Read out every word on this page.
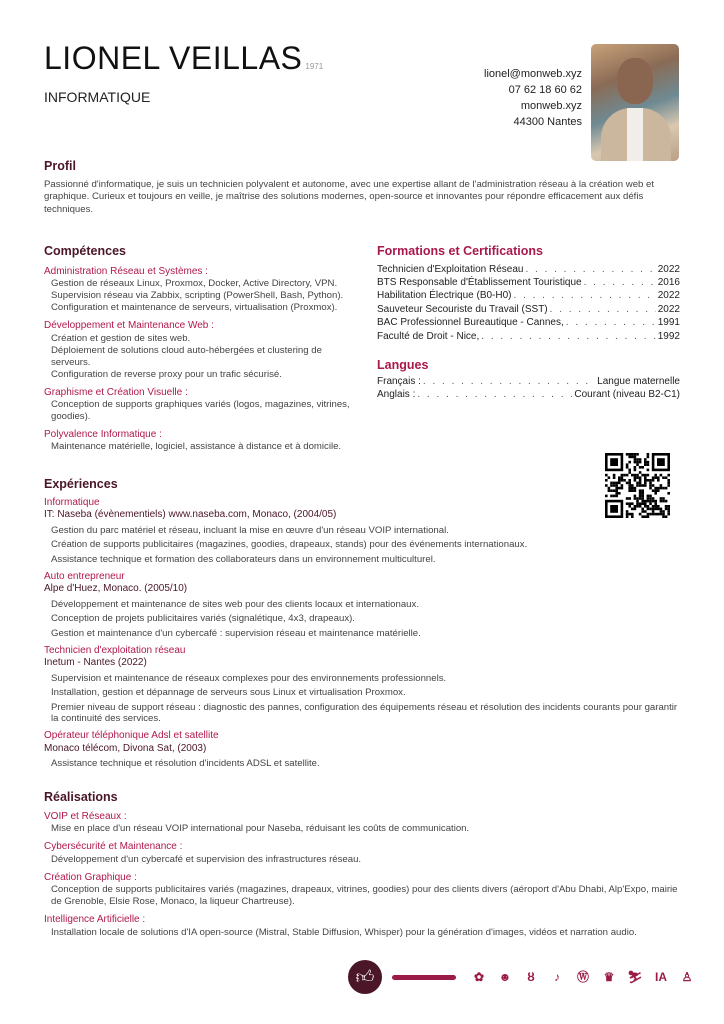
LIONEL VEILLAS 1971
INFORMATIQUE
lionel@monweb.xyz
07 62 18 60 62
monweb.xyz
44300 Nantes
Profil

Passionné d'informatique, je suis un technicien polyvalent et autonome, avec une expertise allant de l'administration réseau à la création web et graphique. Curieux et toujours en veille, je maîtrise des solutions modernes, open-source et innovantes pour répondre efficacement aux défis techniques.

Compétences
Administration Réseau et Systèmes :
Gestion de réseaux Linux, Proxmox, Docker, Active Directory, VPN.
Supervision réseau via Zabbix, scripting (PowerShell, Bash, Python).
Configuration et maintenance de serveurs, virtualisation (Proxmox).
Développement et Maintenance Web :
Création et gestion de sites web.
Déploiement de solutions cloud auto-hébergées et clustering de serveurs.
Configuration de reverse proxy pour un trafic sécurisé.
Graphisme et Création Visuelle :
Conception de supports graphiques variés (logos, magazines, vitrines, goodies).
Polyvalence Informatique :
Maintenance matérielle, logiciel, assistance à distance et à domicile.
Formations et Certifications
Technicien d'Exploitation Réseau
. . .	2022
BTS Responsable d'Établissement Touristique
. . .	2016
Habilitation Électrique (B0-H0)
. . .	2022
Sauveteur Secouriste du Travail (SST)
. . .	2022
BAC Professionnel Bureautique - Cannes,
. . .	1991
Faculté de Droit - Nice,
. . .	1992
Langues
Français :
. . .	Langue maternelle
Anglais :
. . .	Courant (niveau B2-C1)
Expériences
Informatique
IT: Naseba (évènementiels) www.naseba.com, Monaco, (2004/05)

Gestion du parc matériel et réseau, incluant la mise en œuvre d'un réseau VOIP international.

Création de supports publicitaires (magazines, goodies, drapeaux, stands) pour des événements internationaux.

Assistance technique et formation des collaborateurs dans un environnement multiculturel.

Auto entrepreneur
Alpe d'Huez, Monaco. (2005/10)

Développement et maintenance de sites web pour des clients locaux et internationaux.

Conception de projets publicitaires variés (signalétique, 4x3, drapeaux).

Gestion et maintenance d'un cybercafé : supervision réseau et maintenance matérielle.

Technicien d'exploitation réseau
Inetum - Nantes (2022)

Supervision et maintenance de réseaux complexes pour des environnements professionnels.

Installation, gestion et dépannage de serveurs sous Linux et virtualisation Proxmox.

Premier niveau de support réseau : diagnostic des pannes, configuration des équipements réseau et résolution des incidents courants pour garantir la continuité des services.

Opérateur téléphonique Adsl et satellite
Monaco télécom, Divona Sat, (2003)

Assistance technique et résolution d'incidents ADSL et satellite.

Réalisations
VOIP et Réseaux :
Mise en place d'un réseau VOIP international pour Naseba, réduisant les coûts de communication.
Cybersécurité et Maintenance :
Développement d'un cybercafé et supervision des infrastructures réseau.
Création Graphique :
Conception de supports publicitaires variés (magazines, drapeaux, vitrines, goodies) pour des clients divers (aéroport d'Abu Dhabi, Alp'Expo, mairie de Grenoble, Elsie Rose, Monaco, la liqueur Chartreuse).
Intelligence Artificielle :
Installation locale de solutions d'IA open-source (Mistral, Stable Diffusion, Whisper) pour la génération d'images, vidéos et narration audio.
👍︎	✿	☻	ȣ	♪	Ⓦ	♛	⛷	IA	♙
